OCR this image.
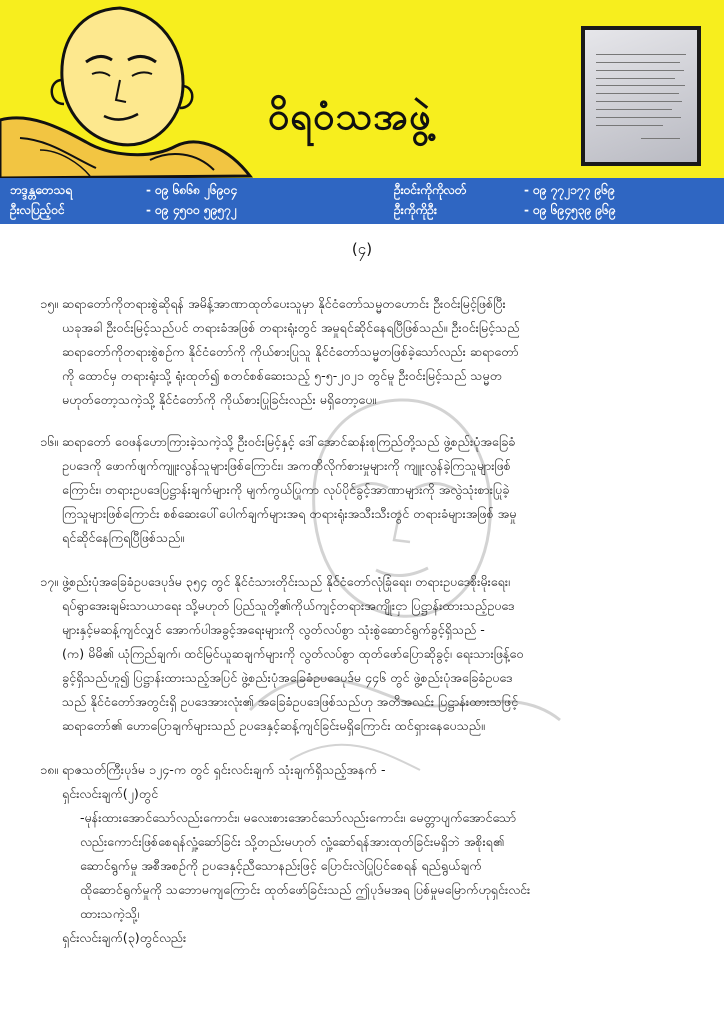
ဝိရဝံသအဖွဲ့
ဘဒ္ဒန္တတေသရ	- ၀၉ ၆၈၆၈ ၂၆၉၀၄	ဦးဝင်းကိုကိုလတ်	- ၀၉ ၇၇၂၁၇၇ ၉၆၉
ဦးလပြည့်ဝင်	- ၀၉ ၄၅၀၀ ၅၉၅၇၂	ဦးကိုကိုဦး	- ၀၉ ၆၉၄၅၃၉ ၉၆၉
(၄)
၁၅။ ဆရာတော်ကိုတရားစွဲဆိုရန် အမိန့်အာဏာထုတ်ပေးသူမှာ နိုင်ငံတော်သမ္မတဟောင်း ဦးဝင်းမြင့်ဖြစ်ပြီး

ယခုအခါ ဦးဝင်းမြင့်သည်ပင် တရားခံအဖြစ် တရားရုံးတွင် အမှုရင်ဆိုင်နေရပြီဖြစ်သည်။ ဦးဝင်းမြင့်သည်

ဆရာတော်ကိုတရားစွဲစဉ်က နိုင်ငံတော်ကို ကိုယ်စားပြုသူ နိုင်ငံတော်သမ္မတဖြစ်ခဲ့သော်လည်း ဆရာတော်

ကို ထောင်မှ တရားရုံးသို့ ရုံးထုတ်၍ စတင်စစ်ဆေးသည့် ၅-၅-၂၀၂၁ တွင်မူ ဦးဝင်းမြင့်သည် သမ္မတ

မဟုတ်တော့သကဲ့သို့ နိုင်ငံတော်ကို ကိုယ်စားပြုခြင်းလည်း မရှိတော့ပေ။

၁၆။ ဆရာတော် ဝေဖန်ဟောကြားခဲ့သကဲ့သို့ ဦးဝင်းမြင့်နှင့် ဒေါ်အောင်ဆန်းစုကြည်တို့သည် ဖွဲ့စည်းပုံအခြေခံ

ဥပဒေကို ဖောက်ဖျက်ကျူးလွန်သူများဖြစ်ကြောင်း၊ အကတိလိုက်စားမှုများကို ကျူးလွန်ခဲ့ကြသူများဖြစ်

ကြောင်း၊ တရားဥပဒေပြဋ္ဌာန်းချက်များကို မျက်ကွယ်ပြုကာ လုပ်ပိုင်ခွင့်အာဏာများကို အလွဲသုံးစားပြုခဲ့

ကြသူများဖြစ်ကြောင်း စစ်ဆေးပေါ်ပေါက်ချက်များအရ တရားရုံးအသီးသီးတွင် တရားခံများအဖြစ် အမှု

ရင်ဆိုင်နေကြရပြီဖြစ်သည်။

၁၇။ ဖွဲ့စည်းပုံအခြေခံဥပဒေပုဒ်မ ၃၅၄ တွင် နိုင်ငံသားတိုင်းသည် နိုင်ငံတော်လုံခြုံရေး၊ တရားဥပဒေစိုးမိုးရေး၊

ရပ်ရွာအေးချမ်းသာယာရေး သို့မဟုတ် ပြည်သူတို့၏ကိုယ်ကျင့်တရားအကျိုးငှာ ပြဋ္ဌာန်းထားသည့်ဥပဒေ

များနှင့်မဆန့်ကျင်လျှင် အောက်ပါအခွင့်အရေးများကို လွတ်လပ်စွာ သုံးစွဲဆောင်ရွက်ခွင့်ရှိသည် -

(က) မိမိ၏ ယုံကြည်ချက်၊ ထင်မြင်ယူဆချက်များကို လွတ်လပ်စွာ ထုတ်ဖော်ပြောဆိုခွင့်၊ ရေးသားဖြန့်ဝေ

ခွင့်ရှိသည်ဟူ၍ ပြဋ္ဌာန်းထားသည့်အပြင် ဖွဲ့စည်းပုံအခြေခံဥပဒေပုဒ်မ ၄၄၆ တွင် ဖွဲ့စည်းပုံအခြေခံဥပဒေ

သည် နိုင်ငံတော်အတွင်းရှိ ဥပဒေအားလုံး၏ အခြေခံဥပဒေဖြစ်သည်ဟု အတိအလင်း ပြဋ္ဌာန်းထားသဖြင့်

ဆရာတော်၏ ဟောပြောချက်များသည် ဥပဒေနှင့်ဆန့်ကျင်ခြင်းမရှိကြောင်း ထင်ရှားနေပေသည်။

၁၈။ ရာဇသတ်ကြီးပုဒ်မ ၁၂၄-က တွင် ရှင်းလင်းချက် သုံးချက်ရှိသည့်အနက် -

ရှင်းလင်းချက်(၂)တွင်

-မုန်းထားအောင်သော်လည်းကောင်း၊ မလေးစားအောင်သော်လည်းကောင်း၊ မေတ္တာပျက်အောင်သော်

လည်းကောင်းဖြစ်စေရန်လှုံ့ဆော်ခြင်း သို့တည်းမဟုတ် လှုံ့ဆော်ရန်အားထုတ်ခြင်းမရှိဘဲ အစိုးရ၏

ဆောင်ရွက်မှု အစီအစဉ်ကို ဥပဒေနှင့်ညီသောနည်းဖြင့် ပြောင်းလဲပြုပြင်စေရန် ရည်ရွယ်ချက်

ထိုဆောင်ရွက်မှုကို သဘောမကျကြောင်း ထုတ်ဖော်ခြင်းသည် ဤပုဒ်မအရ ပြစ်မှုမမြောက်ဟုရှင်းလင်း

ထားသကဲ့သို့၊

ရှင်းလင်းချက်(၃)တွင်လည်း
